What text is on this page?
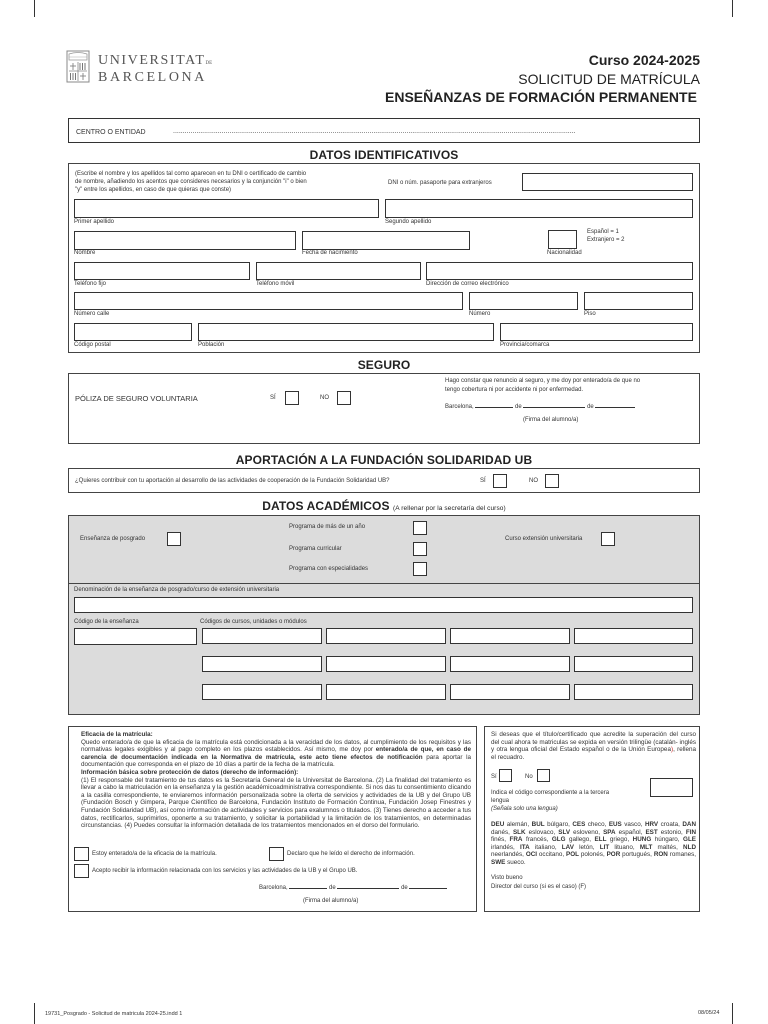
UNIVERSITATDE
BARCELONA
Curso 2024-2025
SOLICITUD DE MATRÍCULA
ENSEÑANZAS DE FORMACIÓN PERMANENTE
CENTRO O ENTIDAD	...............................................................................................................................................................................................................
DATOS IDENTIFICATIVOS
(Escribe el nombre y los apellidos tal como aparecen en tu DNI o certificado de cambio
de nombre, añadiendo los acentos que consideres necesarios y la conjunción "i" o bien
"y" entre los apellidos, en caso de que quieras que conste)
DNI o núm. pasaporte para extranjeros
Primer apellido	Segundo apellido
Nombre	Fecha de nacimiento	Nacionalidad
Español = 1
Extranjero = 2
Teléfono fijo	Teléfono móvil	Dirección de correo electrónico
Número calle	Número	Piso
Código postal	Población	Provincia/comarca
SEGURO
PÓLIZA DE SEGURO VOLUNTARIA	SÍ	NO
Hago constar que renuncio al seguro, y me doy por enterado/a de que no
tengo cobertura ni por accidente ni por enfermedad.
Barcelona,	de	de
(Firma del alumno/a)
APORTACIÓN A LA FUNDACIÓN SOLIDARIDAD UB
¿Quieres contribuir con tu aportación al desarrollo de las actividades de cooperación de la Fundación Solidaridad UB?	SÍ	NO
DATOS ACADÉMICOS (A rellenar por la secretaría del curso)
Enseñanza de posgrado
Programa de más de un año
Programa curricular
Programa con especialidades
Curso extensión universitaria
Denominación de la enseñanza de posgrado/curso de extensión universitaria
Código de la enseñanza	Códigos de cursos, unidades o módulos
Eficacia de la matrícula:
Quedo enterado/a de que la eficacia de la matrícula está condicionada a la veracidad de los datos, al cumplimiento de los requisitos y las normativas legales exigibles y al pago completo en los plazos establecidos. Así mismo, me doy por enterado/a de que, en caso de carencia de documentación indicada en la Normativa de matrícula, este acto tiene efectos de notificación para aportar la documentación que corresponda en el plazo de 10 días a partir de la fecha de la matrícula.
Información básica sobre protección de datos (derecho de información):
(1) El responsable del tratamiento de tus datos es la Secretaría General de la Universitat de Barcelona. (2) La finalidad del tratamiento es llevar a cabo la matriculación en la enseñanza y la gestión académicoadministrativa correspondiente. Si nos das tu consentimiento clicando a la casilla correspondiente, te enviaremos información personalizada sobre la oferta de servicios y actividades de la UB y del Grupo UB (Fundación Bosch y Gimpera, Parque Científico de Barcelona, Fundación Instituto de Formación Continua, Fundación Josep Finestres y Fundación Solidaridad UB), así como información de actividades y servicios para exalumnos o titulados. (3) Tienes derecho a acceder a tus datos, rectificarlos, suprimirlos, oponerte a su tratamiento, y solicitar la portabilidad y la limitación de los tratamientos, en determinadas circunstancias. (4) Puedes consultar la información detallada de los tratamientos mencionados en el dorso del formulario.
Estoy enterado/a de la eficacia de la matrícula.	Declaro que he leído el derecho de información.
Acepto recibir la información relacionada con los servicios y las actividades de la UB y el Grupo UB.
Barcelona,	de	de
(Firma del alumno/a)
Si deseas que el título/certificado que acredite la superación del curso del cual ahora te matriculas se expida en versión trilingüe (catalán- inglés y otra lengua oficial del Estado español o de la Unión Europea), rellena el recuadro.
Sí	No
Indica el código correspondiente a la tercera
lengua
(Señala solo una lengua)
DEU alemán, BUL búlgaro, CES checo, EUS vasco, HRV croata, DAN danés, SLK eslovaco, SLV esloveno, SPA español, EST estonio, FIN finés, FRA francés, GLG gallego, ELL griego, HUNG húngaro, GLE irlandés, ITA italiano, LAV letón, LIT lituano, MLT maltés, NLD neerlandés, OCI occitano, POL polonés, POR portugués, RON romanes, SWE sueco.
Visto bueno
Director del curso (si es el caso) (F)
19731_Posgrado - Solicitud de matricula 2024-25.indd 1	08/05/24
